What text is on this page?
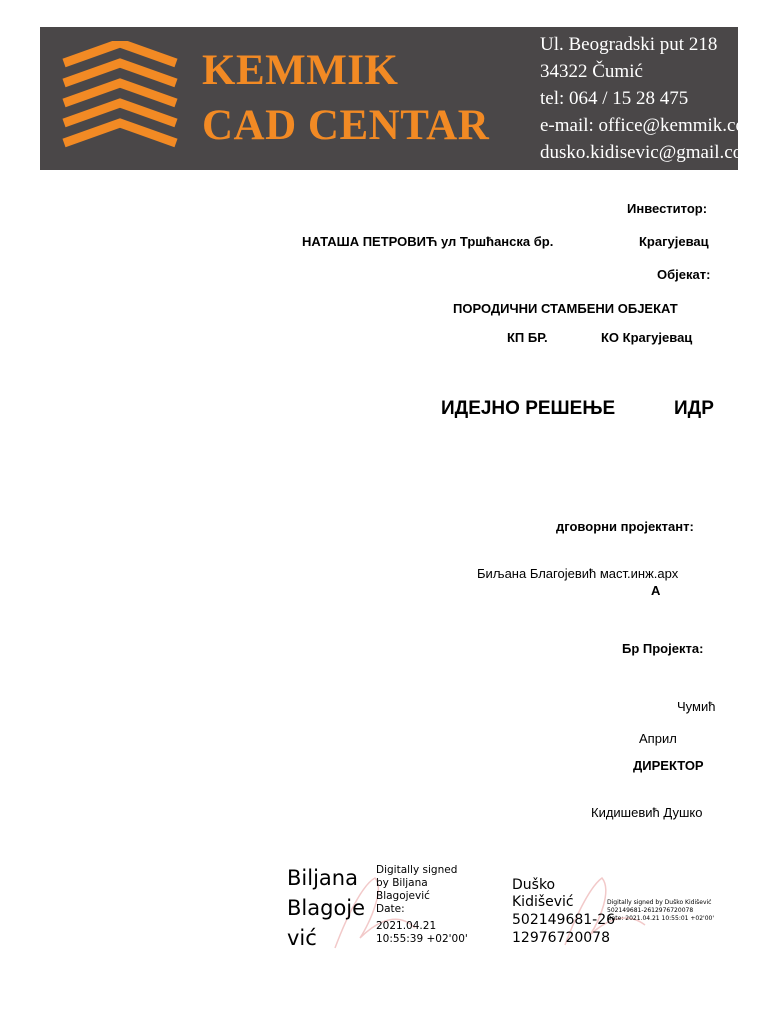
KEMMIK
CAD CENTAR
Ul. Beogradski put 218
34322 Čumić
tel: 064 / 15 28 475
e-mail: office@kemmik.com
dusko.kidisevic@gmail.com
Инвеститор:
НАТАША ПЕТРОВИЋ ул Тршћанска бр.	Крагујевац
Објекат:
ПОРОДИЧНИ СТАМБЕНИ ОБЈЕКАТ
КП БР.	КО Крагујевац
ИДЕЈНО РЕШЕЊЕ	ИДР
дговорни пројектант:
Биљана Благојевић маст.инж.арх
А
Бр Пројекта:
Чумић
Април
ДИРЕКТОР
Кидишевић Душко
Biljana
Blagoje
vić
Digitally signed
by Biljana
Blagojević
Date:
2021.04.21
10:55:39 +02'00'
Duško
Kidišević
502149681-26
12976720078
Digitally signed by Duško Kidišević
502149681-2612976720078
Date: 2021.04.21 10:55:01 +02'00'
